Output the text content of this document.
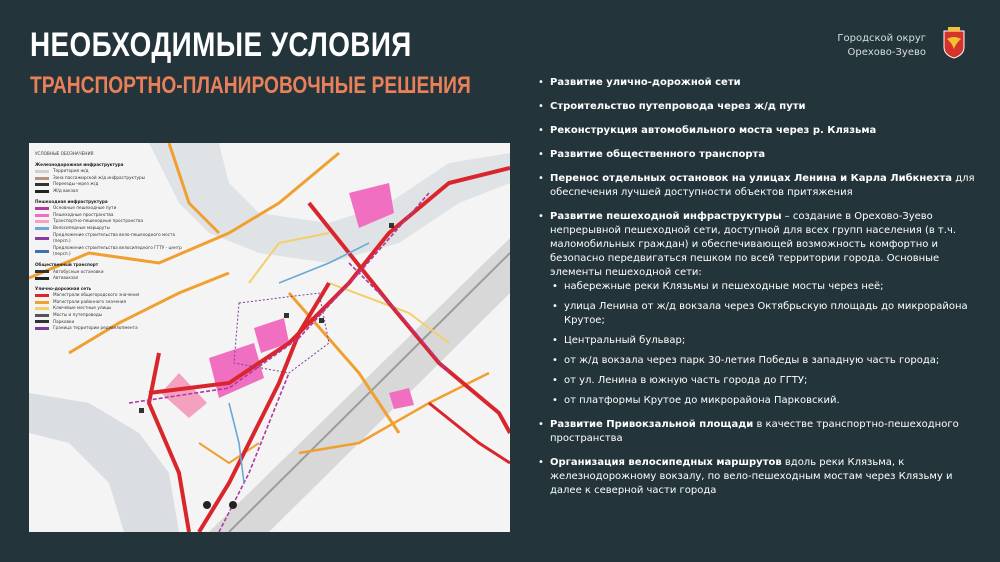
НЕОБХОДИМЫЕ УСЛОВИЯ
ТРАНСПОРТНО-ПЛАНИРОВОЧНЫЕ РЕШЕНИЯ
Городской округ
Орехово-Зуево
УСЛОВНЫЕ ОБОЗНАЧЕНИЯ
Железнодорожная инфраструктура
Территория ж/д
Зона пассажирской ж/д инфраструктуры
Переезды через ж/д
Ж/д вокзал
Пешеходная инфраструктура
Основные пешеходные пути
Пешеходные пространства
Транспортно-пешеходные пространства
Велосипедные маршруты
Предложение строительства вело-пешеходного моста (персп.)
Предложение строительства велосипедного ГГТУ - центр (персп.)
Общественный транспорт
Автобусные остановки
Автовокзал
Улично-дорожная сеть
Магистрали общегородского значения
Магистрали районного значения
Ключевые местные улицы
Мосты и путепроводы
Парковки
Граница территории редевелопмента
• Развитие улично-дорожной сети
• Строительство путепровода через ж/д пути
• Реконструкция автомобильного моста через р. Клязьма
• Развитие общественного транспорта
• Перенос отдельных остановок на улицах Ленина и Карла Либкнехта для обеспечения лучшей доступности объектов притяжения
• Развитие пешеходной инфраструктуры – создание в Орехово-Зуево непрерывной пешеходной сети, доступной для всех групп населения (в т.ч. маломобильных граждан) и обеспечивающей возможность комфортно и безопасно передвигаться пешком по всей территории города. Основные элементы пешеходной сети:
• набережные реки Клязьмы и пешеходные мосты через неё;
• улица Ленина от ж/д вокзала через Октябрьскую площадь до микрорайона Крутое;
• Центральный бульвар;
• от ж/д вокзала через парк 30-летия Победы в западную часть города;
• от ул. Ленина в южную часть города до ГГТУ;
• от платформы Крутое до микрорайона Парковский.
• Развитие Привокзальной площади в качестве транспортно-пешеходного пространства
• Организация велосипедных маршрутов вдоль реки Клязьма, к железнодорожному вокзалу, по вело-пешеходным мостам через Клязьму и далее к северной части города
